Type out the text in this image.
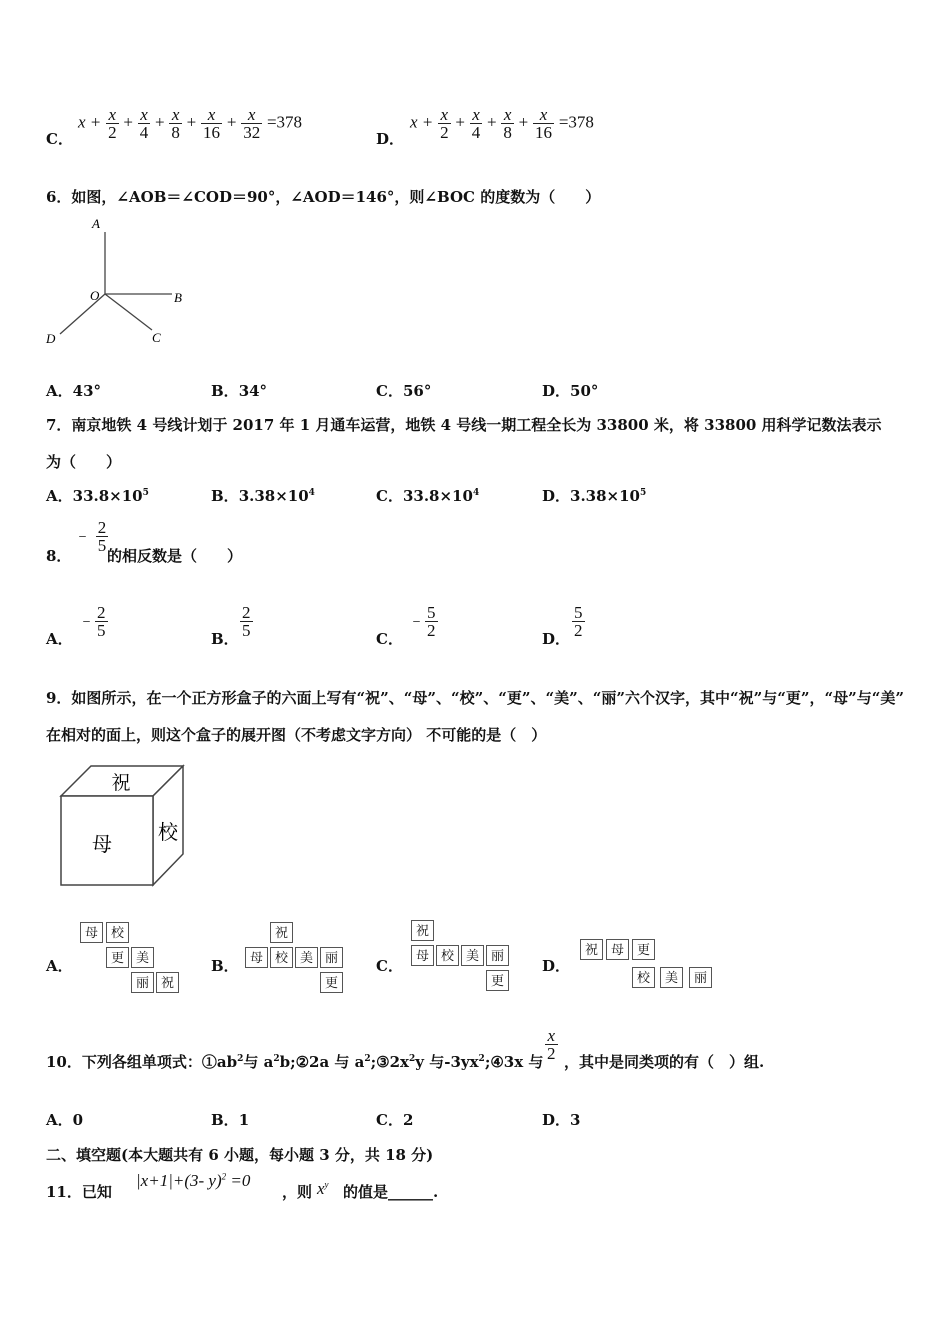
C．
$x + \frac{x}{2} + \frac{x}{4} + \frac{x}{8} + \frac{x}{16} + \frac{x}{32} =378$
D．
$x + \frac{x}{2} + \frac{x}{4} + \frac{x}{8} + \frac{x}{16} =378$
6．如图，∠AOB＝∠COD＝90°，∠AOD＝146°，则∠BOC 的度数为（　　）
A
O	B
C
D
A．43°	B．34°	C．56°	D．50°
7．南京地铁 4 号线计划于 2017 年 1 月通车运营，地铁 4 号线一期工程全长为 33800 米，将 33800 用科学记数法表示
为（　　）
A．$33.8\times 10^5$	B．$3.38\times 10^4$	C．$33.8\times 10^4$	D．$3.38\times 10^5$
8．
﹣ $\frac{2}{5}$
的相反数是（　　）
A．
﹣ $\frac{2}{5}$	B． $\frac{2}{5}$	C．
﹣ $\frac{5}{2}$	D． $\frac{5}{2}$
9．如图所示，在一个正方形盒子的六面上写有“祝”、“母”、“校”、“更”、“美”、“丽”六个汉字，其中“祝”与“更”，“母”与“美”
在相对的面上，则这个盒子的展开图（不考虑文字方向） 不可能的是（　）
祝
母 校
A．
母 校
更 美
丽 祝
B．
祝
母 校 美 丽
更
C．
祝
母 校 美 丽
更
D．
祝 母 更
校	美	丽
10．下列各组单项式：$①ab^2$与 $a^2b;②2a$ 与 $a^2;③2x^2y$ 与$-3yx^2;④3x$ 与 $\frac{x}{2}$ ，其中是同类项的有（　）组.
A．0	B．1	C．2	D．3
二、填空题(本大题共有 6 小题，每小题 3 分，共 18 分)
11．已知
|x+1|+(3- y)$^2$ =0
，则 $x^y$ 的值是______.
